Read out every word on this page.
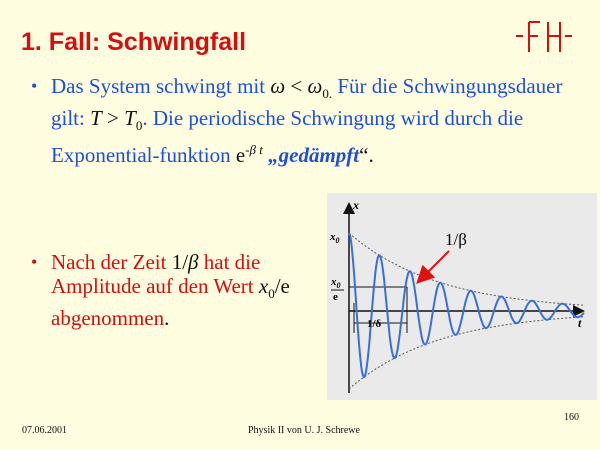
1. Fall: Schwingfall
• Das System schwingt mit $\omega < \omega_{0.}$ Für die Schwingungsdauer gilt: $T > T_0$. Die periodische Schwingung wird durch die Exponential-funktion $e^{-\beta t}$ „gedämpft“.
• Nach der Zeit 1/β hat die Amplitude auf den Wert $x_0/e$ abgenommen.
x
t
$x_0$
$x_0$
e
1/δ
1/β
07.06.2001	Physik II von U. J. Schrewe
160
